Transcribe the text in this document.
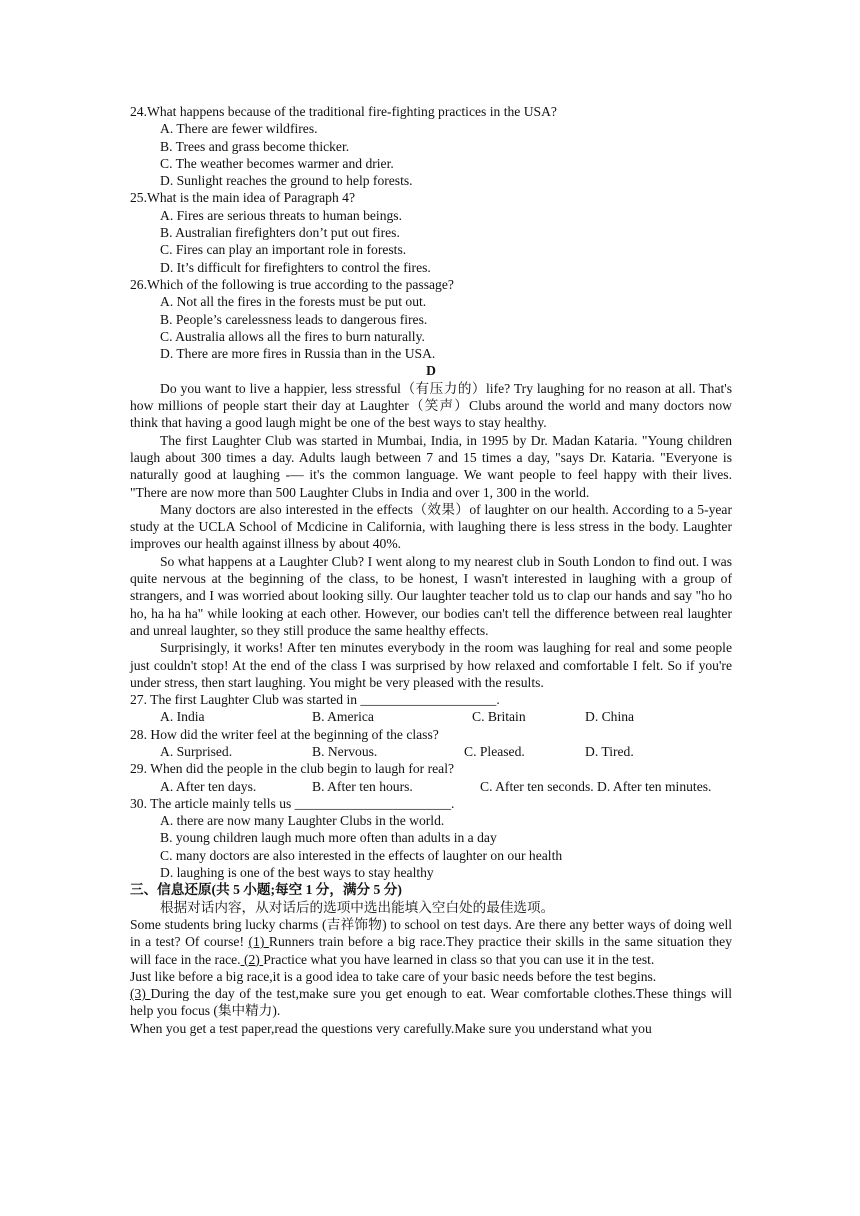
24.What happens because of the traditional fire-fighting practices in the USA?
A. There are fewer wildfires.
B. Trees and grass become thicker.
C. The weather becomes warmer and drier.
D. Sunlight reaches the ground to help forests.
25.What is the main idea of Paragraph 4?
A. Fires are serious threats to human beings.
B. Australian firefighters don’t put out fires.
C. Fires can play an important role in forests.
D. It’s difficult for firefighters to control the fires.
26.Which of the following is true according to the passage?
A. Not all the fires in the forests must be put out.
B. People’s carelessness leads to dangerous fires.
C. Australia allows all the fires to burn naturally.
D. There are more fires in Russia than in the USA.
D
Do you want to live a happier, less stressful（有压力的）life? Try laughing for no reason at all. That's how millions of people start their day at Laughter（笑声）Clubs around the world and many doctors now think that having a good laugh might be one of the best ways to stay healthy.
The first Laughter Club was started in Mumbai, India, in 1995 by Dr. Madan Kataria. "Young children laugh about 300 times a day. Adults laugh between 7 and 15 times a day, "says Dr. Kataria. "Everyone is naturally good at laughing -— it's the common language. We want people to feel happy with their lives. "There are now more than 500 Laughter Clubs in India and over 1, 300 in the world.
Many doctors are also interested in the effects（效果）of laughter on our health. According to a 5-year study at the UCLA School of Mcdicine in California, with laughing there is less stress in the body. Laughter improves our health against illness by about 40%.
So what happens at a Laughter Club? I went along to my nearest club in South London to find out. I was quite nervous at the beginning of the class, to be honest, I wasn't interested in laughing with a group of strangers, and I was worried about looking silly. Our laughter teacher told us to clap our hands and say "ho ho ho, ha ha ha" while looking at each other. However, our bodies can't tell the difference between real laughter and unreal laughter, so they still produce the same healthy effects.
Surprisingly, it works! After ten minutes everybody in the room was laughing for real and some people just couldn't stop! At the end of the class I was surprised by how relaxed and comfortable I felt. So if you're under stress, then start laughing. You might be very pleased with the results.
27. The first Laughter Club was started in ____________________.
A. India	B. America	C. Britain	D. China
28. How did the writer feel at the beginning of the class?
A. Surprised.	B. Nervous.	C. Pleased.	D. Tired.
29. When did the people in the club begin to laugh for real?
A. After ten days.	B. After ten hours.	C. After ten seconds. D. After ten minutes.
30. The article mainly tells us _______________________.
A. there are now many Laughter Clubs in the world.
B. young children laugh much more often than adults in a day
C. many doctors are also interested in the effects of laughter on our health
D. laughing is one of the best ways to stay healthy
三、信息还原(共 5 小题;每空 1 分，满分 5 分)
根据对话内容，从对话后的选项中选出能填入空白处的最佳选项。
Some students bring lucky charms (吉祥饰物) to school on test days. Are there any better ways of doing well in a test? Of course! (1) Runners train before a big race.They practice their skills in the same situation they will face in the race. (2) Practice what you have learned in class so that you can use it in the test.
Just like before a big race,it is a good idea to take care of your basic needs before the test begins.
(3) During the day of the test,make sure you get enough to eat. Wear comfortable clothes.These things will help you focus (集中精力).
When you get a test paper,read the questions very carefully.Make sure you understand what you
